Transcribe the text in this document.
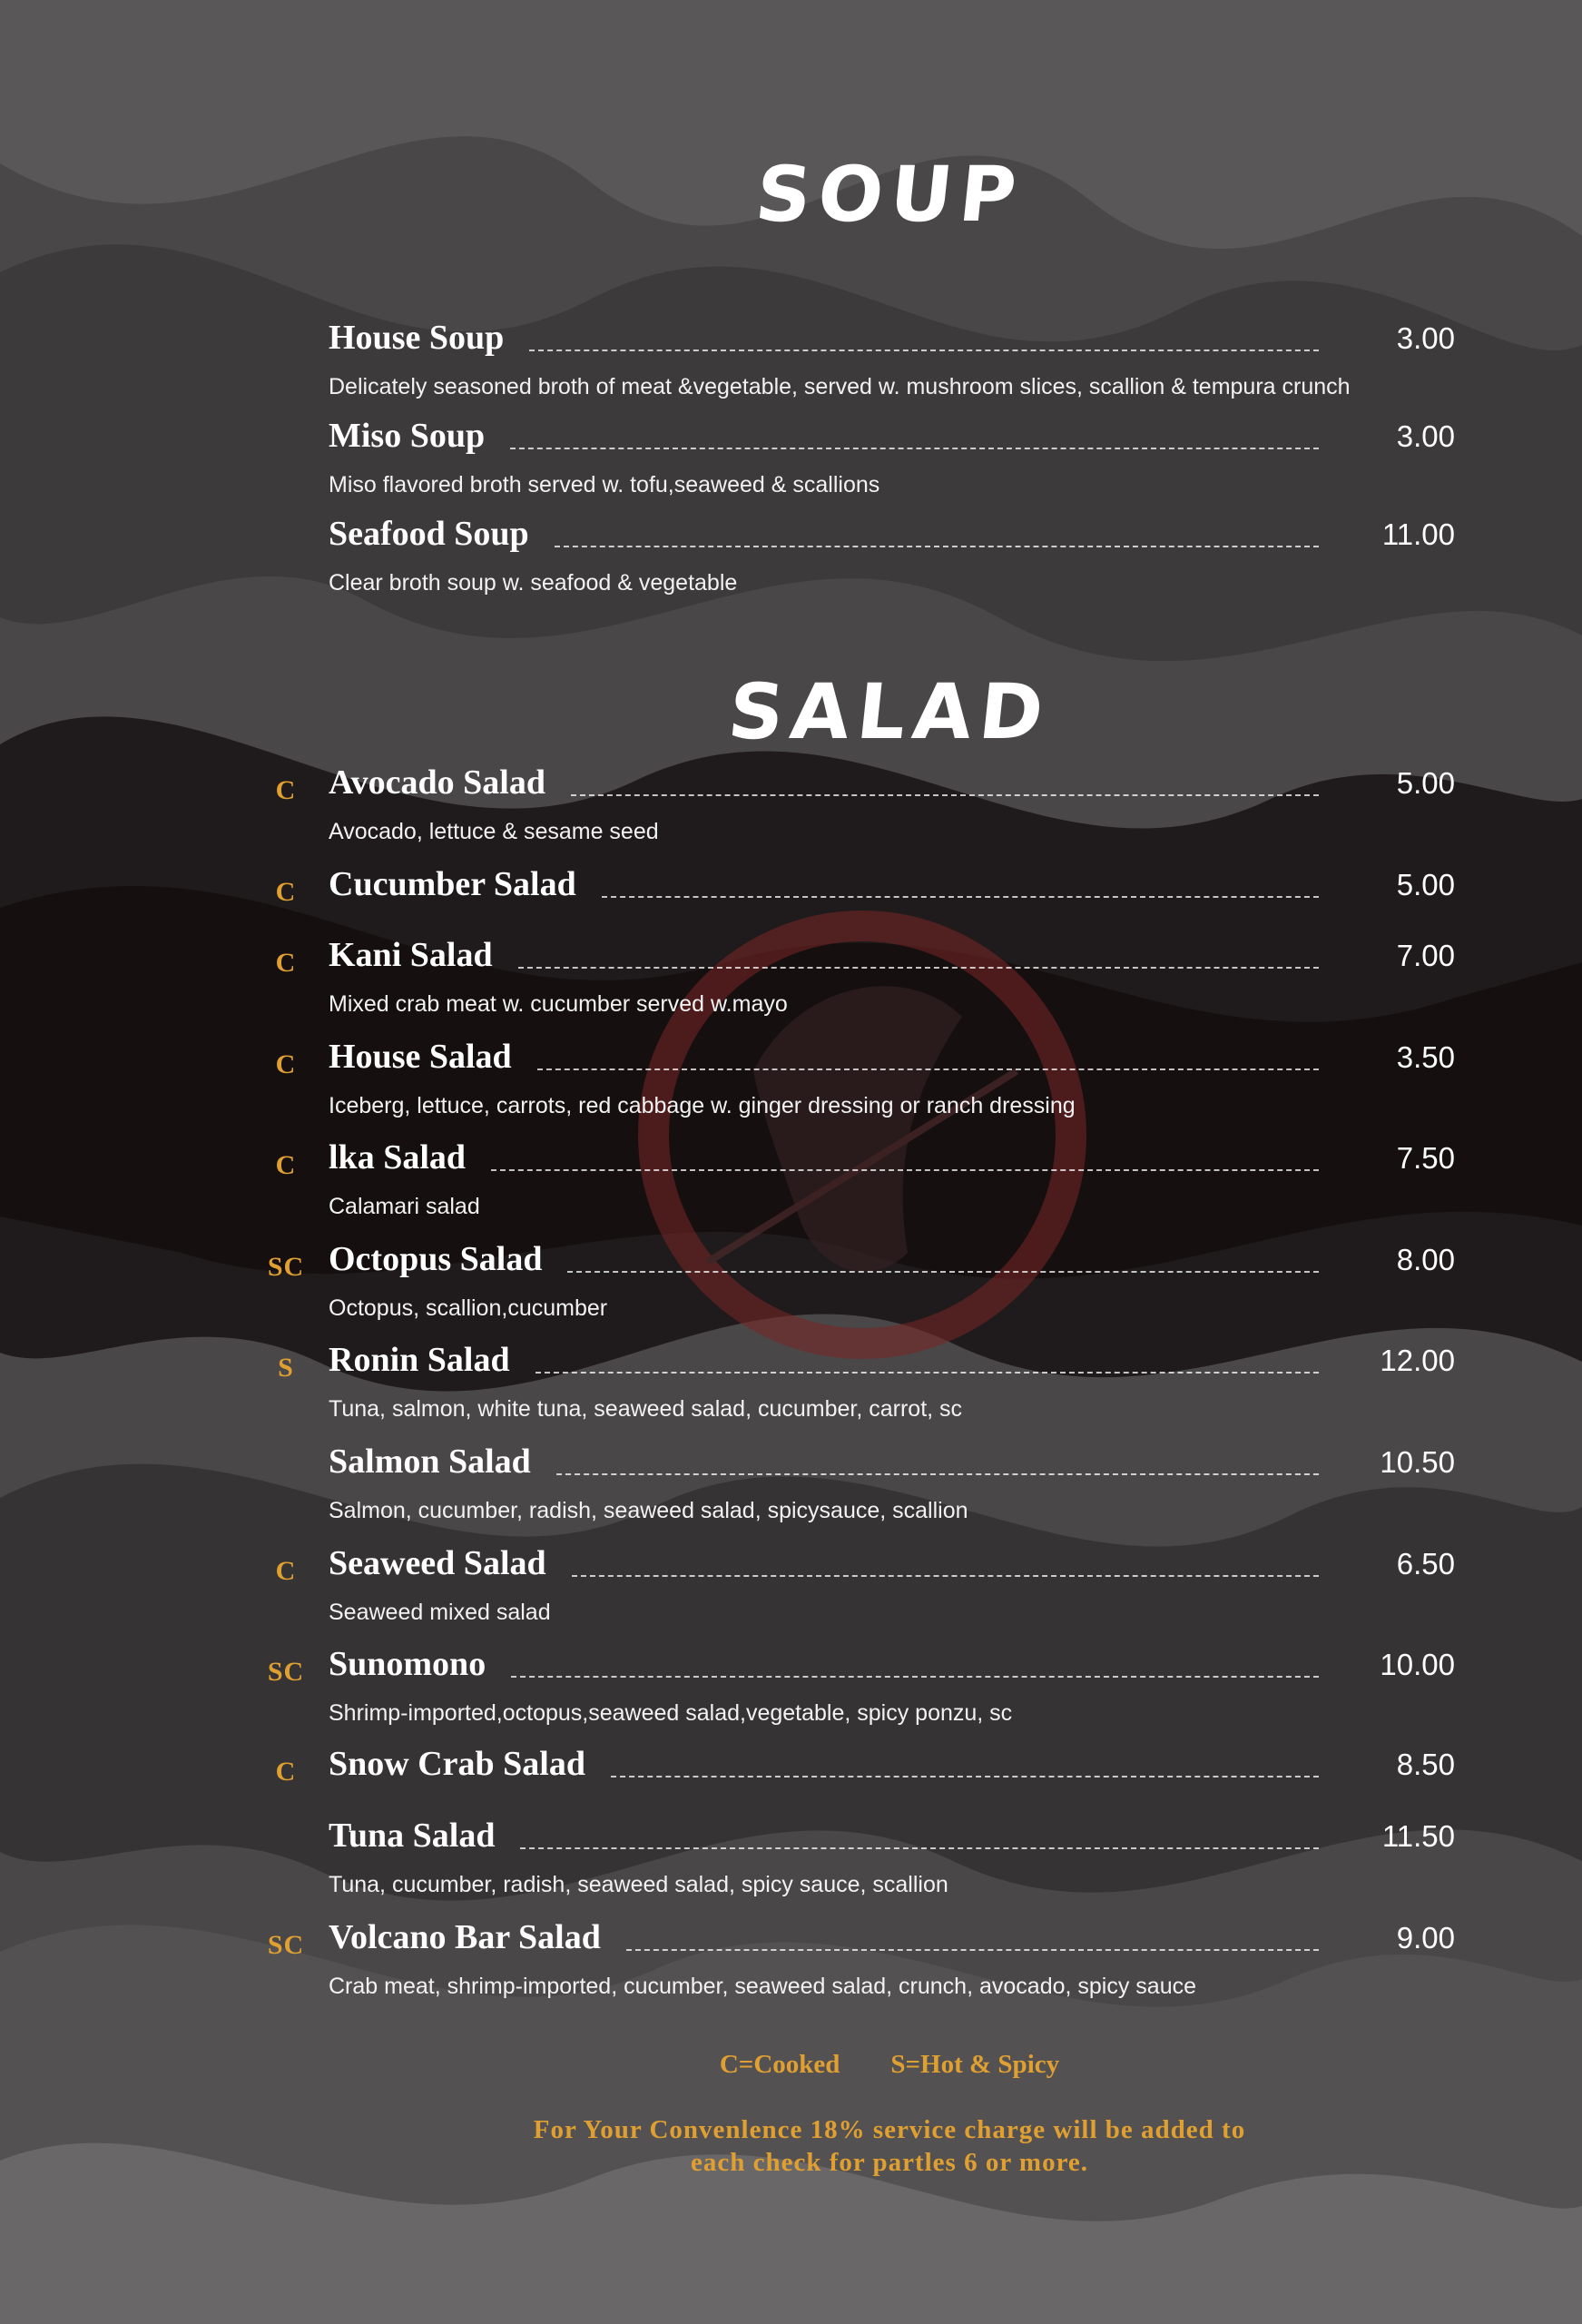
SOUP
House Soup	3.00
Delicately seasoned broth of meat &vegetable, served w. mushroom slices, scallion & tempura crunch
Miso Soup	3.00
Miso flavored broth served w. tofu,seaweed & scallions
Seafood Soup	11.00
Clear broth soup w. seafood & vegetable
SALAD
C Avocado Salad	5.00
Avocado, lettuce & sesame seed
C Cucumber Salad	5.00
C Kani Salad	7.00
Mixed crab meat w. cucumber served w.mayo
C House Salad	3.50
Iceberg, lettuce, carrots, red cabbage w. ginger dressing or ranch dressing
C lka Salad	7.50
Calamari salad
SC Octopus Salad	8.00
Octopus, scallion,cucumber
S	Ronin Salad	12.00
Tuna, salmon, white tuna, seaweed salad, cucumber, carrot, sc
Salmon Salad	10.50
Salmon, cucumber, radish, seaweed salad, spicysauce, scallion
C Seaweed Salad	6.50
Seaweed mixed salad
SC Sunomono	10.00
Shrimp-imported,octopus,seaweed salad,vegetable, spicy ponzu, sc
C Snow Crab Salad	8.50
Tuna Salad	11.50
Tuna, cucumber, radish, seaweed salad, spicy sauce, scallion
SC Volcano Bar Salad	9.00
Crab meat, shrimp-imported, cucumber, seaweed salad, crunch, avocado, spicy sauce
C=Cooked S=Hot & Spicy
For Your Convenlence 18% service charge will be added to
each check for partles 6 or more.
